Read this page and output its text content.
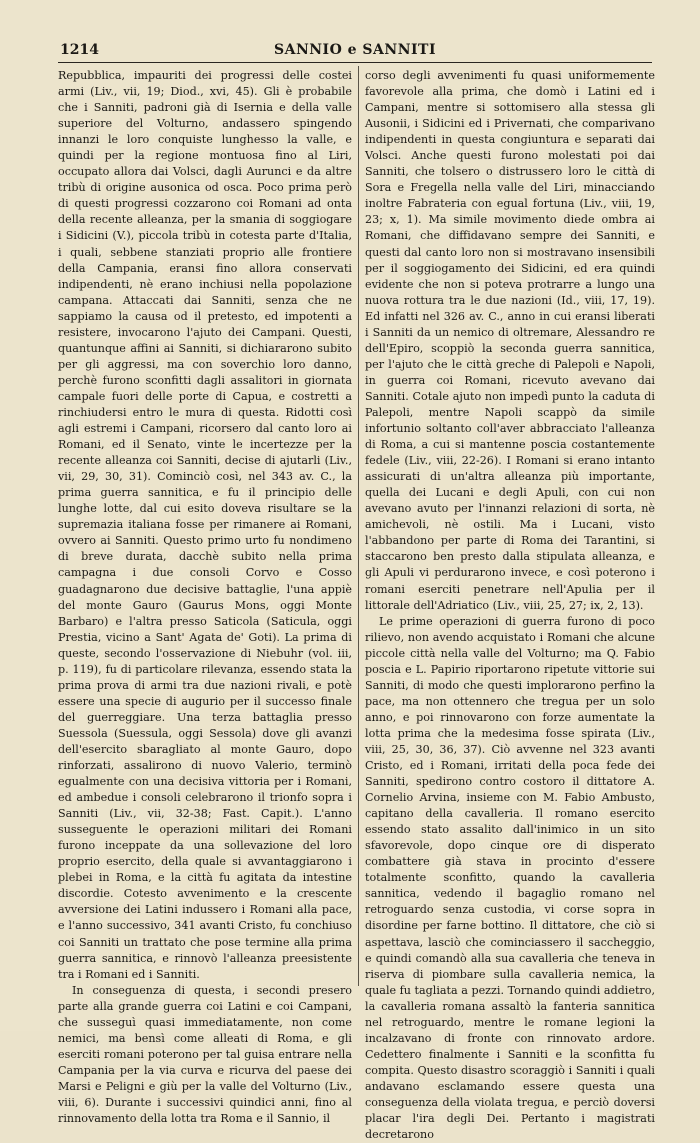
1214	SANNIO e SANNITI

Repubblica, impauriti dei progressi delle costei armi (Liv., vii, 19; Diod., xvi, 45). Gli è probabile che i Sanniti, padroni già di Isernia e della valle superiore del Volturno, andassero spingendo innanzi le loro conquiste lunghesso la valle, e quindi per la regione montuosa fino al Liri, occupato allora dai Volsci, dagli Aurunci e da altre tribù di origine ausonica od osca. Poco prima però di questi progressi cozzarono coi Romani ad onta della recente alleanza, per la smania di soggiogare i Sidicini (V.), piccola tribù in cotesta parte d'Italia, i quali, sebbene stanziati proprio alle frontiere della Campania, eransi fino allora conservati indipendenti, nè erano inchiusi nella popolazione campana. Attaccati dai Sanniti, senza che ne sappiamo la causa od il pretesto, ed impotenti a resistere, invocarono l'ajuto dei Campani. Questi, quantunque affini ai Sanniti, si dichiararono subito per gli aggressi, ma con soverchio loro danno, perchè furono sconfitti dagli assalitori in giornata campale fuori delle porte di Capua, e costretti a rinchiudersi entro le mura di questa. Ridotti così agli estremi i Campani, ricorsero dal canto loro ai Romani, ed il Senato, vinte le incertezze per la recente alleanza coi Sanniti, decise di ajutarli (Liv., vii, 29, 30, 31). Cominciò così, nel 343 av. C., la prima guerra sannitica, e fu il principio delle lunghe lotte, dal cui esito doveva risultare se la supremazia italiana fosse per rimanere ai Romani, ovvero ai Sanniti. Questo primo urto fu nondimeno di breve durata, dacchè subito nella prima campagna i due consoli Corvo e Cosso guadagnarono due decisive battaglie, l'una appiè del monte Gauro (Gaurus Mons, oggi Monte Barbaro) e l'altra presso Saticola (Saticula, oggi Prestia, vicino a Sant' Agata de' Goti). La prima di queste, secondo l'osservazione di Niebuhr (vol. iii, p. 119), fu di particolare rilevanza, essendo stata la prima prova di armi tra due nazioni rivali, e potè essere una specie di augurio per il successo finale del guerreggiare. Una terza battaglia presso Suessola (Suessula, oggi Sessola) dove gli avanzi dell'esercito sbaragliato al monte Gauro, dopo rinforzati, assalirono di nuovo Valerio, terminò egualmente con una decisiva vittoria per i Romani, ed ambedue i consoli celebrarono il trionfo sopra i Sanniti (Liv., vii, 32-38; Fast. Capit.). L'anno susseguente le operazioni militari dei Romani furono inceppate da una sollevazione del loro proprio esercito, della quale si avvantaggiarono i plebei in Roma, e la città fu agitata da intestine discordie. Cotesto avvenimento e la crescente avversione dei Latini indussero i Romani alla pace, e l'anno successivo, 341 avanti Cristo, fu conchiuso coi Sanniti un trattato che pose termine alla prima guerra sannitica, e rinnovò l'alleanza preesistente tra i Romani ed i Sanniti.

In conseguenza di questa, i secondi presero parte alla grande guerra coi Latini e coi Campani, che susseguì quasi immediatamente, non come nemici, ma bensì come alleati di Roma, e gli eserciti romani poterono per tal guisa entrare nella Campania per la via curva e ricurva del paese dei Marsi e Peligni e giù per la valle del Volturno (Liv., viii, 6). Durante i successivi quindici anni, fino al rinnovamento della lotta tra Roma e il Sannio, il

corso degli avvenimenti fu quasi uniformemente favorevole alla prima, che domò i Latini ed i Campani, mentre si sottomisero alla stessa gli Ausonii, i Sidicini ed i Privernati, che comparivano indipendenti in questa congiuntura e separati dai Volsci. Anche questi furono molestati poi dai Sanniti, che tolsero o distrussero loro le città di Sora e Fregella nella valle del Liri, minacciando inoltre Fabrateria con egual fortuna (Liv., viii, 19, 23; x, 1). Ma simile movimento diede ombra ai Romani, che diffidavano sempre dei Sanniti, e questi dal canto loro non si mostravano insensibili per il soggiogamento dei Sidicini, ed era quindi evidente che non si poteva protrarre a lungo una nuova rottura tra le due nazioni (Id., viii, 17, 19). Ed infatti nel 326 av. C., anno in cui eransi liberati i Sanniti da un nemico di oltremare, Alessandro re dell'Epiro, scoppiò la seconda guerra sannitica, per l'ajuto che le città greche di Palepoli e Napoli, in guerra coi Romani, ricevuto avevano dai Sanniti. Cotale ajuto non impedì punto la caduta di Palepoli, mentre Napoli scappò da simile infortunio soltanto coll'aver abbracciato l'alleanza di Roma, a cui si mantenne poscia costantemente fedele (Liv., viii, 22-26). I Romani si erano intanto assicurati di un'altra alleanza più importante, quella dei Lucani e degli Apuli, con cui non avevano avuto per l'innanzi relazioni di sorta, nè amichevoli, nè ostili. Ma i Lucani, visto l'abbandono per parte di Roma dei Tarantini, si staccarono ben presto dalla stipulata alleanza, e gli Apuli vi perdurarono invece, e così poterono i romani eserciti penetrare nell'Apulia per il littorale dell'Adriatico (Liv., viii, 25, 27; ix, 2, 13).

Le prime operazioni di guerra furono di poco rilievo, non avendo acquistato i Romani che alcune piccole città nella valle del Volturno; ma Q. Fabio poscia e L. Papirio riportarono ripetute vittorie sui Sanniti, di modo che questi implorarono perfino la pace, ma non ottennero che tregua per un solo anno, e poi rinnovarono con forze aumentate la lotta prima che la medesima fosse spirata (Liv., viii, 25, 30, 36, 37). Ciò avvenne nel 323 avanti Cristo, ed i Romani, irritati della poca fede dei Sanniti, spedirono contro costoro il dittatore A. Cornelio Arvina, insieme con M. Fabio Ambusto, capitano della cavalleria. Il romano esercito essendo stato assalito dall'inimico in un sito sfavorevole, dopo cinque ore di disperato combattere già stava in procinto d'essere totalmente sconfitto, quando la cavalleria sannitica, vedendo il bagaglio romano nel retroguardo senza custodia, vi corse sopra in disordine per farne bottino. Il dittatore, che ciò si aspettava, lasciò che cominciassero il saccheggio, e quindi comandò alla sua cavalleria che teneva in riserva di piombare sulla cavalleria nemica, la quale fu tagliata a pezzi. Tornando quindi addietro, la cavalleria romana assaltò la fanteria sannitica nel retroguardo, mentre le romane legioni la incalzavano di fronte con rinnovato ardore. Cedettero finalmente i Sanniti e la sconfitta fu compita. Questo disastro scoraggiò i Sanniti i quali andavano esclamando essere questa una conseguenza della violata tregua, e perciò doversi placar l'ira degli Dei. Pertanto i magistrati decretarono
